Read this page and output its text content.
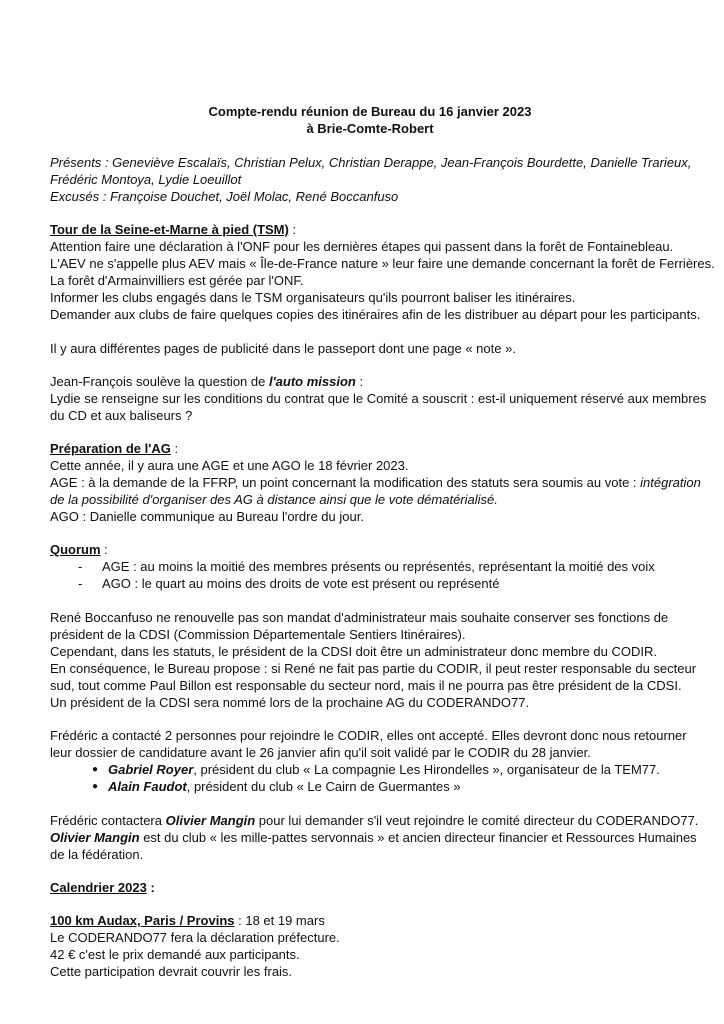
Compte-rendu réunion de Bureau du 16 janvier 2023
à Brie-Comte-Robert
Présents : Geneviève Escalaïs, Christian Pelux, Christian Derappe, Jean-François Bourdette, Danielle Trarieux,
Frédéric Montoya, Lydie Loeuillot
Excusés : Françoise Douchet, Joël Molac, René Boccanfuso
Tour de la Seine-et-Marne à pied (TSM) :
Attention faire une déclaration à l'ONF pour les dernières étapes qui passent dans la forêt de Fontainebleau.
L'AEV ne s'appelle plus AEV mais « Île-de-France nature » leur faire une demande concernant la forêt de Ferrières.
La forêt d'Armainvilliers est gérée par l'ONF.
Informer les clubs engagés dans le TSM organisateurs qu'ils pourront baliser les itinéraires.
Demander aux clubs de faire quelques copies des itinéraires afin de les distribuer au départ pour les participants.
Il y aura différentes pages de publicité dans le passeport dont une page « note ».
Jean-François soulève la question de l'auto mission :
Lydie se renseigne sur les conditions du contrat que le Comité a souscrit : est-il uniquement réservé aux membres
du CD et aux baliseurs ?
Préparation de l'AG :
Cette année, il y aura une AGE et une AGO le 18 février 2023.
AGE : à la demande de la FFRP, un point concernant la modification des statuts sera soumis au vote : intégration
de la possibilité d'organiser des AG à distance ainsi que le vote dématérialisé.
AGO : Danielle communique au Bureau l'ordre du jour.
Quorum :
- AGE : au moins la moitié des membres présents ou représentés, représentant la moitié des voix
- AGO : le quart au moins des droits de vote est présent ou représenté
René Boccanfuso ne renouvelle pas son mandat d'administrateur mais souhaite conserver ses fonctions de
président de la CDSI (Commission Départementale Sentiers Itinéraires).
Cependant, dans les statuts, le président de la CDSI doit être un administrateur donc membre du CODIR.
En conséquence, le Bureau propose : si René ne fait pas partie du CODIR, il peut rester responsable du secteur
sud, tout comme Paul Billon est responsable du secteur nord, mais il ne pourra pas être président de la CDSI.
Un président de la CDSI sera nommé lors de la prochaine AG du CODERANDO77.
Frédéric a contacté 2 personnes pour rejoindre le CODIR, elles ont accepté. Elles devront donc nous retourner
leur dossier de candidature avant le 26 janvier afin qu'il soit validé par le CODIR du 28 janvier.
● Gabriel Royer, président du club « La compagnie Les Hirondelles », organisateur de la TEM77.
● Alain Faudot, président du club « Le Cairn de Guermantes »
Frédéric contactera Olivier Mangin pour lui demander s'il veut rejoindre le comité directeur du CODERANDO77.
Olivier Mangin est du club « les mille-pattes servonnais » et ancien directeur financier et Ressources Humaines
de la fédération.
Calendrier 2023 :
100 km Audax, Paris / Provins : 18 et 19 mars
Le CODERANDO77 fera la déclaration préfecture.
42 € c'est le prix demandé aux participants.
Cette participation devrait couvrir les frais.
